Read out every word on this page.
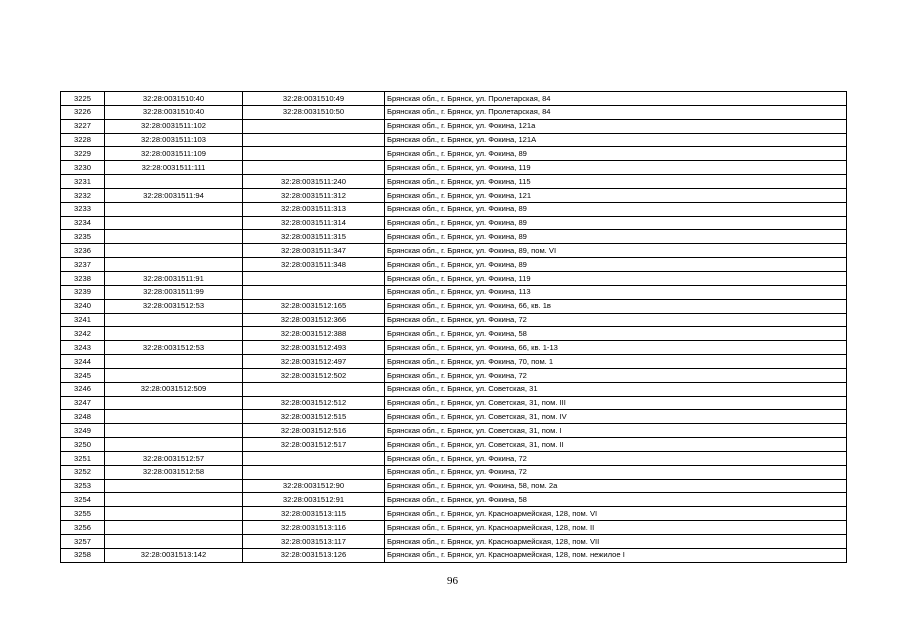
3225	32:28:0031510:40	32:28:0031510:49	Брянская обл., г. Брянск, ул. Пролетарская, 84
3226	32:28:0031510:40	32:28:0031510:50	Брянская обл., г. Брянск, ул. Пролетарская, 84
3227	32:28:0031511:102		Брянская обл., г. Брянск, ул. Фокина, 121а
3228	32:28:0031511:103		Брянская обл., г. Брянск, ул. Фокина, 121А
3229	32:28:0031511:109		Брянская обл., г. Брянск, ул. Фокина, 89
3230	32:28:0031511:111		Брянская обл., г. Брянск, ул. Фокина, 119
3231		32:28:0031511:240	Брянская обл., г. Брянск, ул. Фокина, 115
3232	32:28:0031511:94	32:28:0031511:312	Брянская обл., г. Брянск, ул. Фокина, 121
3233		32:28:0031511:313	Брянская обл., г. Брянск, ул. Фокина, 89
3234		32:28:0031511:314	Брянская обл., г. Брянск, ул. Фокина, 89
3235		32:28:0031511:315	Брянская обл., г. Брянск, ул. Фокина, 89
3236		32:28:0031511:347	Брянская обл., г. Брянск, ул. Фокина, 89, пом. VI
3237		32:28:0031511:348	Брянская обл., г. Брянск, ул. Фокина, 89
3238	32:28:0031511:91		Брянская обл., г. Брянск, ул. Фокина, 119
3239	32:28:0031511:99		Брянская обл., г. Брянск, ул. Фокина, 113
3240	32:28:0031512:53	32:28:0031512:165	Брянская обл., г. Брянск, ул. Фокина, 66, кв. 1в
3241		32:28:0031512:366	Брянская обл., г. Брянск, ул. Фокина, 72
3242		32:28:0031512:388	Брянская обл., г. Брянск, ул. Фокина, 58
3243	32:28:0031512:53	32:28:0031512:493	Брянская обл., г. Брянск, ул. Фокина, 66, кв. 1-13
3244		32:28:0031512:497	Брянская обл., г. Брянск, ул. Фокина, 70, пом. 1
3245		32:28:0031512:502	Брянская обл., г. Брянск, ул. Фокина, 72
3246	32:28:0031512:509		Брянская обл., г. Брянск, ул. Советская, 31
3247		32:28:0031512:512	Брянская обл., г. Брянск, ул. Советская, 31, пом. III
3248		32:28:0031512:515	Брянская обл., г. Брянск, ул. Советская, 31, пом. IV
3249		32:28:0031512:516	Брянская обл., г. Брянск, ул. Советская, 31, пом. I
3250		32:28:0031512:517	Брянская обл., г. Брянск, ул. Советская, 31, пом. II
3251	32:28:0031512:57		Брянская обл., г. Брянск, ул. Фокина, 72
3252	32:28:0031512:58		Брянская обл., г. Брянск, ул. Фокина, 72
3253		32:28:0031512:90	Брянская обл., г. Брянск, ул. Фокина, 58, пом. 2а
3254		32:28:0031512:91	Брянская обл., г. Брянск, ул. Фокина, 58
3255		32:28:0031513:115	Брянская обл., г. Брянск, ул. Красноармейская, 128, пом. VI
3256		32:28:0031513:116	Брянская обл., г. Брянск, ул. Красноармейская, 128, пом. II
3257		32:28:0031513:117	Брянская обл., г. Брянск, ул. Красноармейская, 128, пом. VII
3258	32:28:0031513:142	32:28:0031513:126	Брянская обл., г. Брянск, ул. Красноармейская, 128, пом. нежилое I
96
